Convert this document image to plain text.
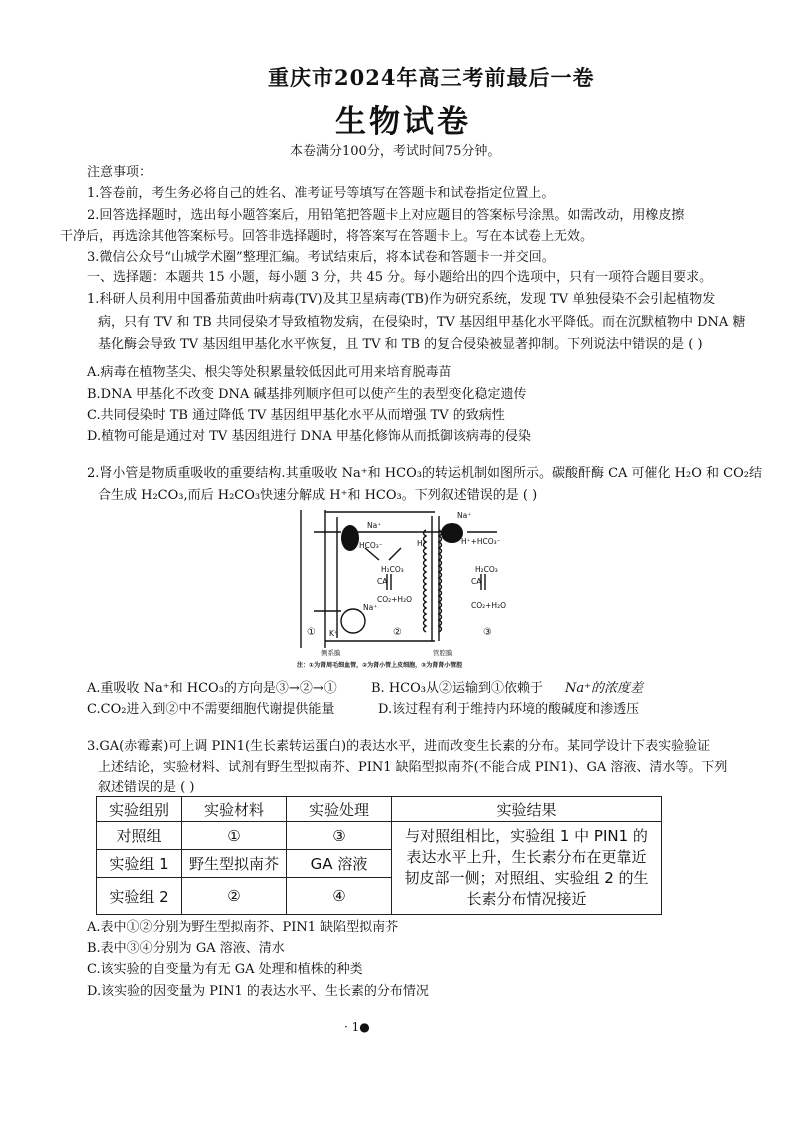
重庆市2024年高三考前最后一卷
生物试卷
本卷满分100分，考试时间75分钟。
注意事项：
1.答卷前，考生务必将自己的姓名、准考证号等填写在答题卡和试卷指定位置上。
2.回答选择题时，选出每小题答案后，用铅笔把答题卡上对应题目的答案标号涂黑。如需改动，用橡皮擦
干净后，再选涂其他答案标号。回答非选择题时，将答案写在答题卡上。写在本试卷上无效。
3.微信公众号“山城学术圈”整理汇编。考试结束后，将本试卷和答题卡一并交回。
一、选择题：本题共 15 小题，每小题 3 分，共 45 分。每小题给出的四个选项中，只有一项符合题目要求。
1.科研人员利用中国番茄黄曲叶病毒(TV)及其卫星病毒(TB)作为研究系统，发现 TV 单独侵染不会引起植物发
病，只有 TV 和 TB 共同侵染才导致植物发病，在侵染时，TV 基因组甲基化水平降低。而在沉默植物中 DNA 糖
基化酶会导致 TV 基因组甲基化水平恢复，且 TV 和 TB 的复合侵染被显著抑制。下列说法中错误的是 ( )
A.病毒在植物茎尖、根尖等处积累量较低因此可用来培育脱毒苗
B.DNA 甲基化不改变 DNA 碱基排列顺序但可以使产生的表型变化稳定遗传
C.共同侵染时 TB 通过降低 TV 基因组甲基化水平从而增强 TV 的致病性
D.植物可能是通过对 TV 基因组进行 DNA 甲基化修饰从而抵御该病毒的侵染
2.肾小管是物质重吸收的重要结构.其重吸收 Na⁺和 HCO₃的转运机制如图所示。碳酸酐酶 CA 可催化 H₂O 和 CO₂结
合生成 H₂CO₃,而后 H₂CO₃快速分解成 H⁺和 HCO₃。下列叙述错误的是 ( )
Na⁺
HCO₃⁻	H⁺
Na⁺
H⁺+HCO₃⁻
H₂CO₃
CA
CO₂+H₂O
H₂CO₃
CA
CO₂+H₂O
Na⁺
K⁺
①	②	③
侧系膜	管腔膜
注：①为肾周毛细血管，②为肾小管上皮细胞，③为肾肾小管腔
A.重吸收 Na⁺和 HCO₃的方向是③→②→①	B. HCO₃从②运输到①依赖于 Na⁺的浓度差
C.CO₂进入到②中不需要细胞代谢提供能量	D.该过程有利于维持内环境的酸碱度和渗透压
3.GA(赤霉素)可上调 PIN1(生长素转运蛋白)的表达水平，进而改变生长素的分布。某同学设计下表实验验证
上述结论，实验材料、试剂有野生型拟南芥、PIN1 缺陷型拟南芥(不能合成 PIN1)、GA 溶液、清水等。下列
叙述错误的是 ( )
实验组别	实验材料	实验处理	实验结果
对照组	①	③	与对照组相比，实验组 1 中 PIN1 的
表达水平上升，生长素分布在更靠近
韧皮部一侧；对照组、实验组 2 的生
长素分布情况接近

实验组 1	野生型拟南芥	GA 溶液	
实验组 2	②	④	
A.表中①②分别为野生型拟南芥、PIN1 缺陷型拟南芥
B.表中③④分别为 GA 溶液、清水
C.该实验的自变量为有无 GA 处理和植株的种类
D.该实验的因变量为 PIN1 的表达水平、生长素的分布情况
· 1●
